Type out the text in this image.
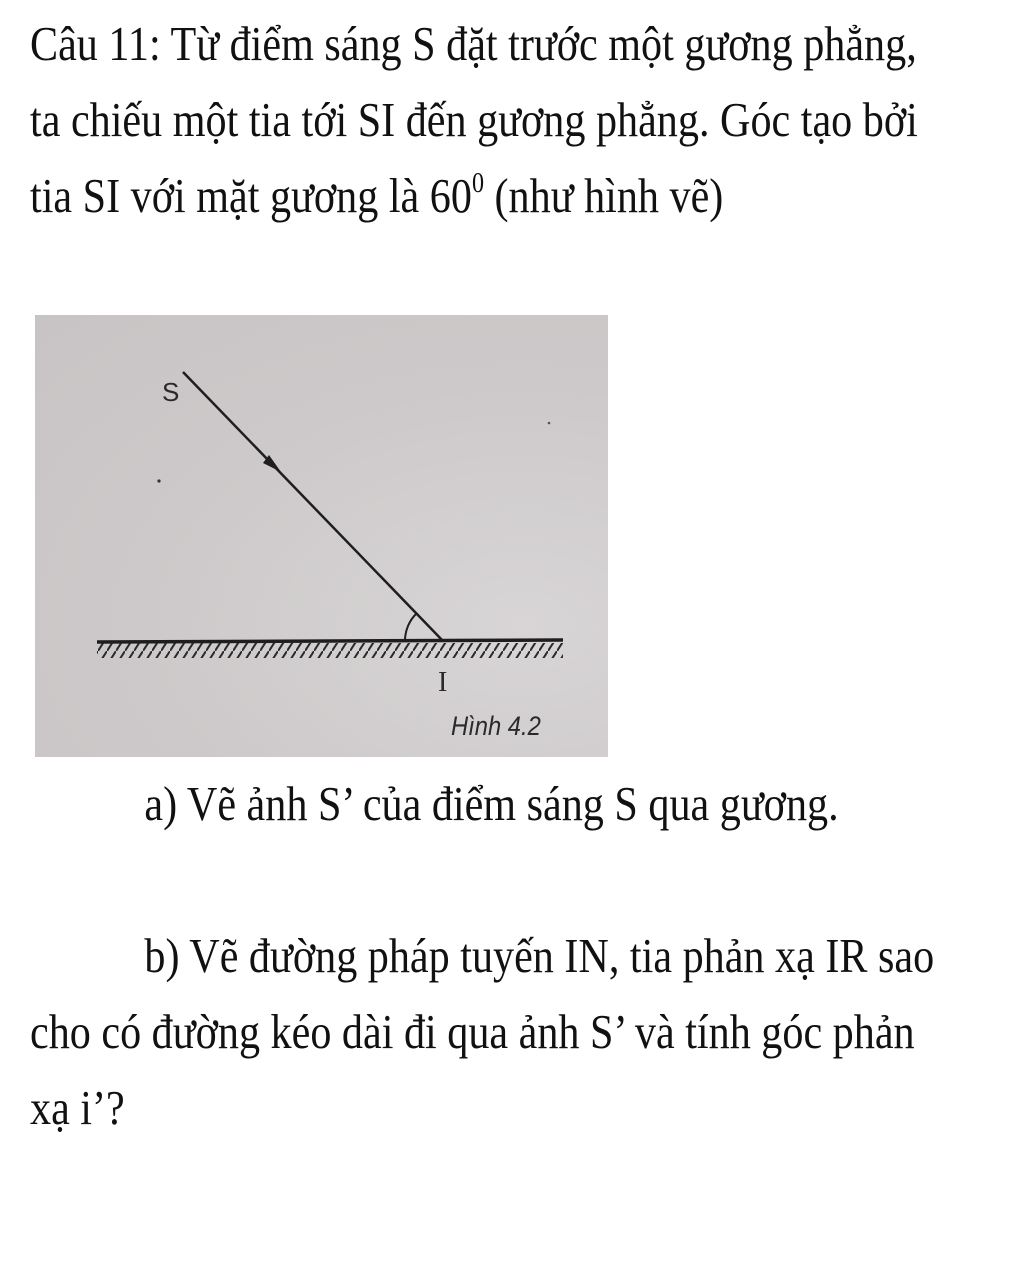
Câu 11: Từ điểm sáng S đặt trước một gương phẳng, ta chiếu một tia tới SI đến gương phẳng. Góc tạo bởi tia SI với mặt gương là $60^0$ (như hình vẽ)
S
I
Hình 4.2
a) Vẽ ảnh S’ của điểm sáng S qua gương.
b) Vẽ đường pháp tuyến IN, tia phản xạ IR sao cho có đường kéo dài đi qua ảnh S’ và tính góc phản xạ i’?
